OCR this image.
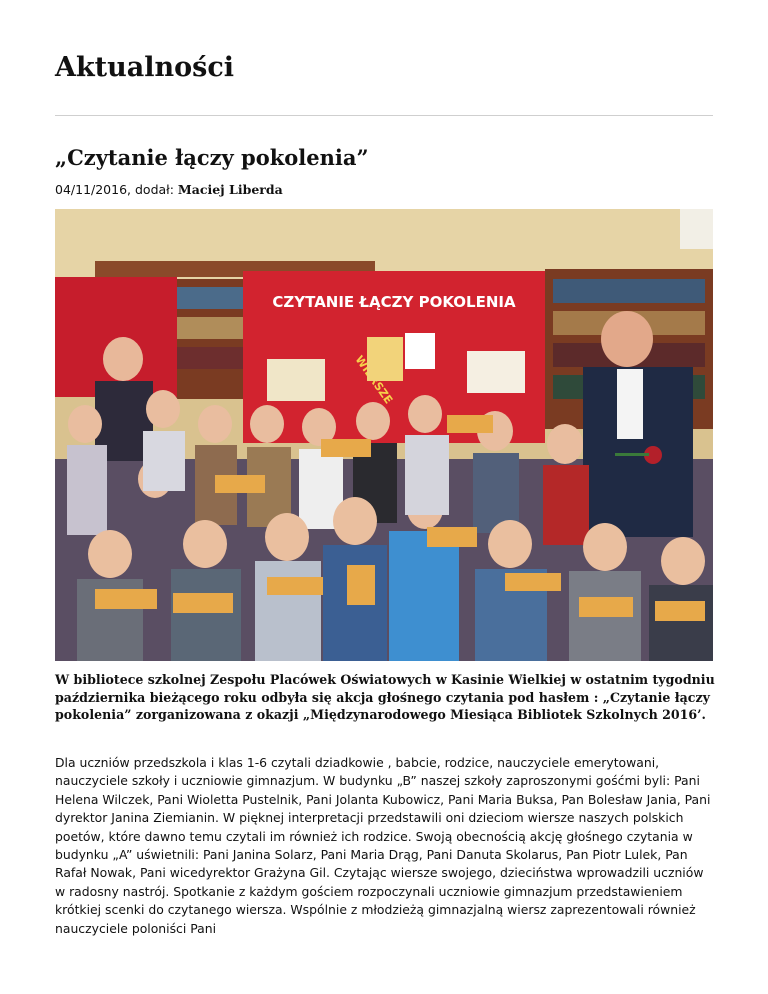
Aktualności
„Czytanie łączy pokolenia”
04/11/2016, dodał: Maciej Liberda
CZYTANIE ŁĄCZY POKOLENIA

W bibliotece szkolnej Zespołu Placówek Oświatowych w Kasinie Wielkiej w ostatnim tygodniu października bieżącego roku odbyła się akcja głośnego czytania pod hasłem : „Czytanie łączy pokolenia” zorganizowana z okazji „Międzynarodowego Miesiąca Bibliotek Szkolnych 2016’.

Dla uczniów przedszkola i klas 1-6 czytali dziadkowie , babcie, rodzice, nauczyciele emerytowani, nauczyciele szkoły i uczniowie gimnazjum. W budynku „B” naszej szkoły zaproszonymi gośćmi byli: Pani Helena Wilczek, Pani Wioletta Pustelnik, Pani Jolanta Kubowicz, Pani Maria Buksa, Pan Bolesław Jania, Pani dyrektor Janina Ziemianin. W pięknej interpretacji przedstawili oni dzieciom wiersze naszych polskich poetów, które dawno temu czytali im również ich rodzice. Swoją obecnością akcję głośnego czytania w budynku „A” uświetnili: Pani Janina Solarz, Pani Maria Drąg, Pani Danuta Skolarus, Pan Piotr Lulek, Pan Rafał Nowak, Pani wicedyrektor Grażyna Gil. Czytając wiersze swojego, dzieciństwa wprowadzili uczniów w radosny nastrój. Spotkanie z każdym gościem rozpoczynali uczniowie gimnazjum przedstawieniem krótkiej scenki do czytanego wiersza. Wspólnie z młodzieżą gimnazjalną wiersz zaprezentowali również nauczyciele poloniści Pani
